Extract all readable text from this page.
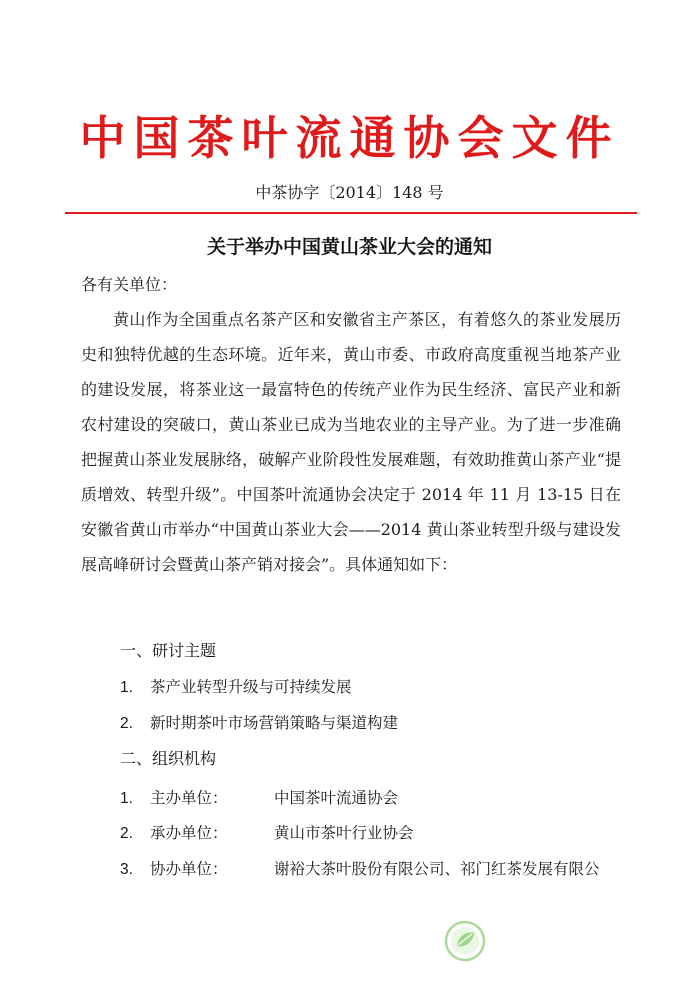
中国茶叶流通协会文件
中茶协字〔2014〕148 号
关于举办中国黄山茶业大会的通知
各有关单位：

黄山作为全国重点名茶产区和安徽省主产茶区，有着悠久的茶业发展历史和独特优越的生态环境。近年来，黄山市委、市政府高度重视当地茶产业的建设发展，将茶业这一最富特色的传统产业作为民生经济、富民产业和新农村建设的突破口，黄山茶业已成为当地农业的主导产业。为了进一步准确把握黄山茶业发展脉络，破解产业阶段性发展难题，有效助推黄山茶产业“提质增效、转型升级”。中国茶叶流通协会决定于 2014 年 11 月 13-15 日在安徽省黄山市举办“中国黄山茶业大会——2014 黄山茶业转型升级与建设发展高峰研讨会暨黄山茶产销对接会”。具体通知如下：

一、研讨主题
1. 茶产业转型升级与可持续发展
2. 新时期茶叶市场营销策略与渠道构建
二、组织机构
1. 主办单位：	中国茶叶流通协会
2. 承办单位：	黄山市茶叶行业协会
3. 协办单位：	谢裕大茶叶股份有限公司、祁门红茶发展有限公
